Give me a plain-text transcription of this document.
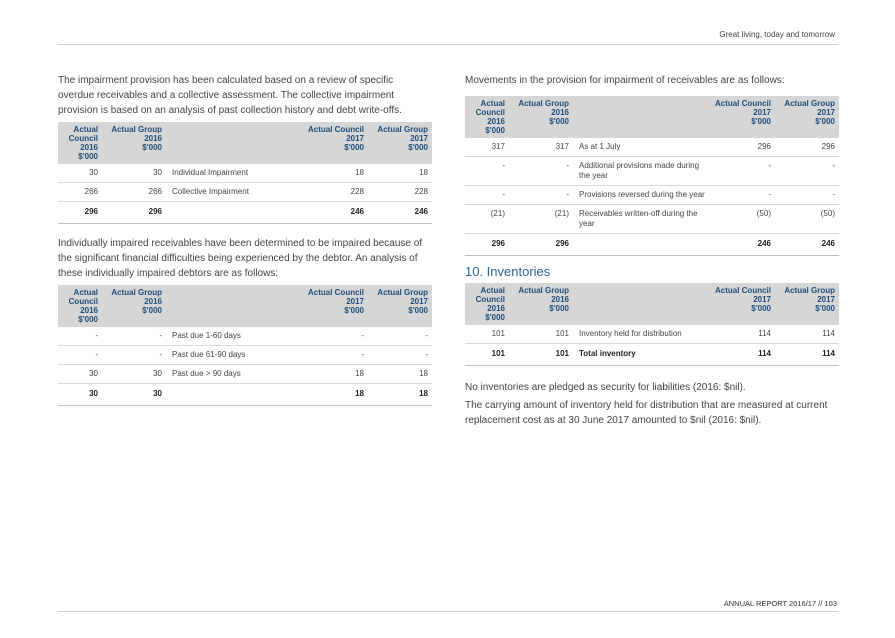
Great living, today and tomorrow

The impairment provision has been calculated based on a review of specific overdue receivables and a collective assessment. The collective impairment provision is based on an analysis of past collection history and debt write-offs.

Actual Council
2016
$'000	Actual Group
2016
$'000		Actual Council
2017
$'000	Actual Group
2017
$'000
30	30	Individual Impairment	18	18
266	266	Collective Impairment	228	228
296	296		246	246

Individually impaired receivables have been determined to be impaired because of the significant financial difficulties being experienced by the debtor. An analysis of these individually impaired debtors are as follows:

Actual Council
2016
$'000	Actual Group
2016
$'000		Actual Council
2017
$'000	Actual Group
2017
$'000
-	-	Past due 1-60 days	-	-
-	-	Past due 61-90 days	-	-
30	30	Past due > 90 days	18	18
30	30		18	18

Movements in the provision for impairment of receivables are as follows:

Actual Council
2016
$'000	Actual Group
2016
$'000		Actual Council
2017
$'000	Actual Group
2017
$'000
317	317	As at 1 July	296	296
-	-	Additional provisions made during the year	-	-
-	-	Provisions reversed during the year	-	-
(21)	(21)	Receivables written-off during the year	(50)	(50)
296	296		246	246
10. Inventories
Actual Council
2016
$'000	Actual Group
2016
$'000		Actual Council
2017
$'000	Actual Group
2017
$'000
101	101	Inventory held for distribution	114	114
101	101	Total inventory	114	114

No inventories are pledged as security for liabilities (2016: $nil).

The carrying amount of inventory held for distribution that are measured at current replacement cost as at 30 June 2017 amounted to $nil (2016: $nil).

ANNUAL REPORT 2016/17 // 103
